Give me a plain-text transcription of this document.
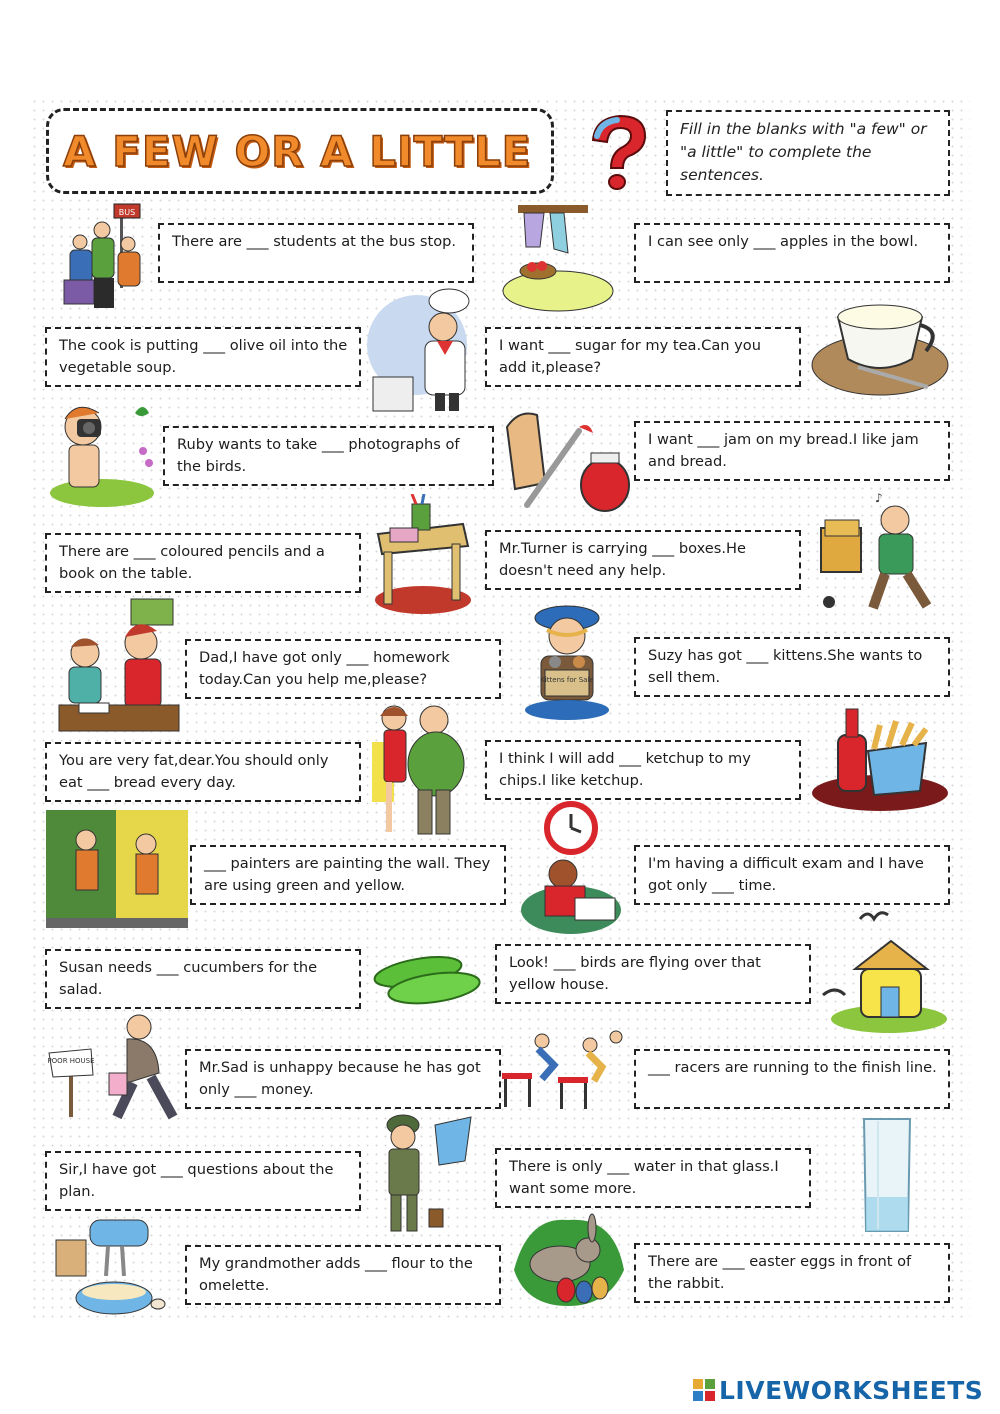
A FEW OR A LITTLE	Fill in the blanks with "a few" or "a little" to complete the sentences.
There are ___ students at the bus stop.	I can see only ___ apples in the bowl.
The cook is putting ___ olive oil into the vegetable soup.
I want ___ sugar for my tea.Can you add it,please?
Ruby wants to take ___ photographs of the birds.
I want ___ jam on my bread.I like jam and bread.
There are ___ coloured pencils and a book on the table.
Mr.Turner is carrying ___ boxes.He doesn't need any help.
Dad,I have got only ___ homework today.Can you help me,please?
Suzy has got ___ kittens.She wants to sell them.
You are very fat,dear.You should only eat ___ bread every day.
I think I will add ___ ketchup to my chips.I like ketchup.
___ painters are painting the wall. They are using green and yellow.
I'm having a difficult exam and I have got only ___ time.
Susan needs ___ cucumbers for the salad.
Look! ___ birds are flying over that yellow house.
Mr.Sad is unhappy because he has got only ___ money.
___ racers are running to the finish line.
Sir,I have got ___ questions about the plan.
There is only ___ water in that glass.I want some more.
My grandmother adds ___ flour to the omelette.
There are ___ easter eggs in front of the rabbit.
BUS
♪
Kittens for Sale
POOR HOUSE
LIVEWORKSHEETS
